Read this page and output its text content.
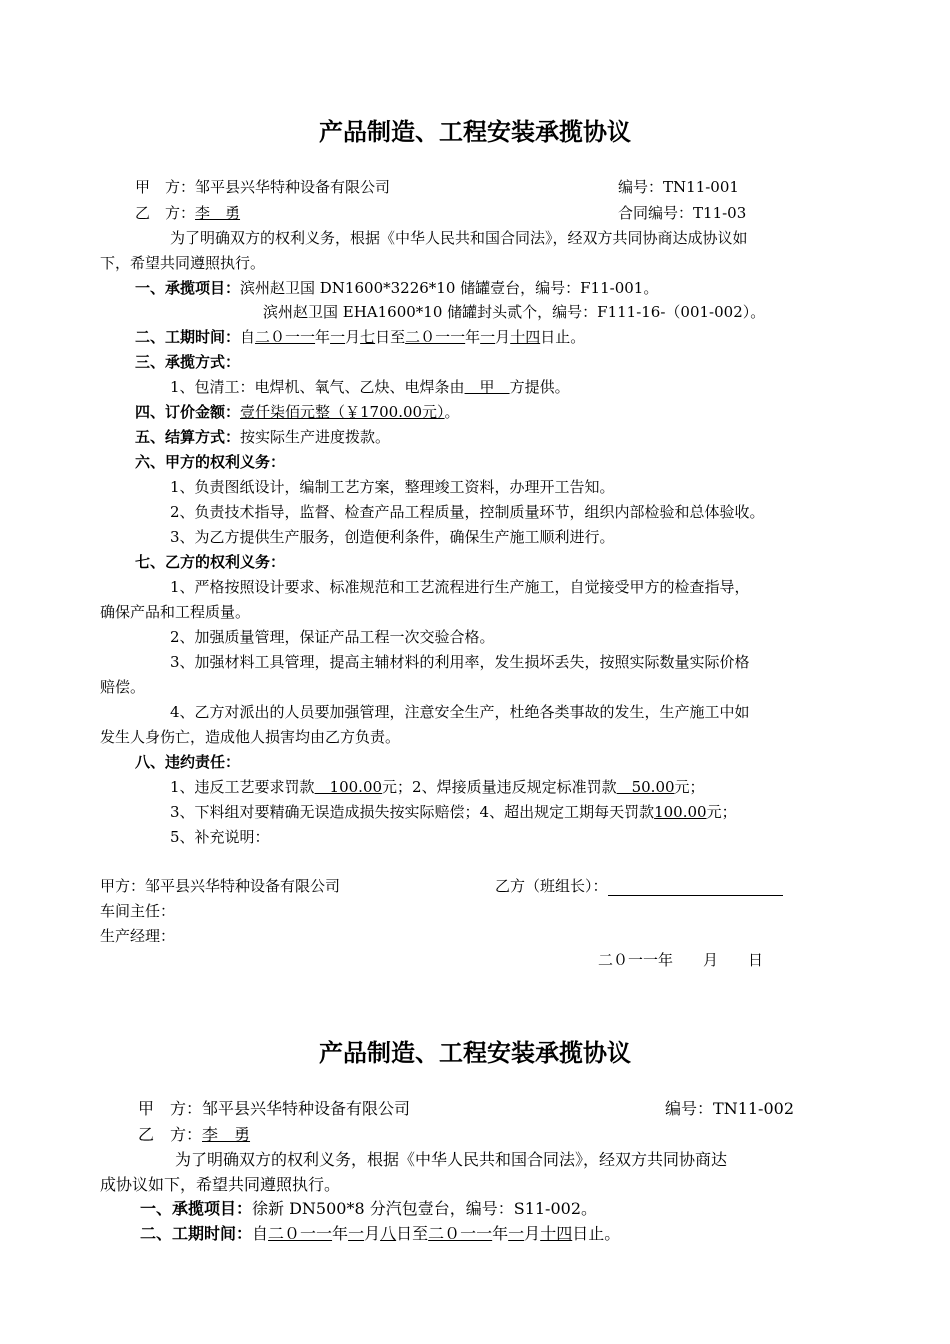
产品制造、工程安装承揽协议
甲　方：邹平县兴华特种设备有限公司	编号：TN11-001
乙　方：李　勇	合同编号：T11-03
为了明确双方的权利义务，根据《中华人民共和国合同法》，经双方共同协商达成协议如
下，希望共同遵照执行。
一、承揽项目：滨州赵卫国 DN1600*3226*10 储罐壹台，编号：F11-001。
滨州赵卫国 EHA1600*10 储罐封头贰个，编号：F111-16-（001-002）。
二、工期时间：自二０一一年一月七日至二０一一年一月十四日止。
三、承揽方式：
1、包清工：电焊机、氧气、乙炔、电焊条由　甲　方提供。
四、订价金额：壹仟柒佰元整（￥1700.00元）。
五、结算方式：按实际生产进度拨款。
六、甲方的权利义务：
1、负责图纸设计，编制工艺方案，整理竣工资料，办理开工告知。
2、负责技术指导，监督、检查产品工程质量，控制质量环节，组织内部检验和总体验收。
3、为乙方提供生产服务，创造便利条件，确保生产施工顺利进行。
七、乙方的权利义务：
1、严格按照设计要求、标准规范和工艺流程进行生产施工，自觉接受甲方的检查指导，
确保产品和工程质量。
2、加强质量管理，保证产品工程一次交验合格。
3、加强材料工具管理，提高主辅材料的利用率，发生损坏丢失，按照实际数量实际价格
赔偿。
4、乙方对派出的人员要加强管理，注意安全生产，杜绝各类事故的发生，生产施工中如
发生人身伤亡，造成他人损害均由乙方负责。
八、违约责任：
1、违反工艺要求罚款　100.00元；2、焊接质量违反规定标准罚款　50.00元；
3、下料组对要精确无误造成损失按实际赔偿；4、超出规定工期每天罚款100.00元；
5、补充说明：
甲方：邹平县兴华特种设备有限公司	乙方（班组长）：
车间主任：
生产经理：
二０一一年　　月　　日
产品制造、工程安装承揽协议
甲　方：邹平县兴华特种设备有限公司	编号：TN11-002
乙　方：李　勇
为了明确双方的权利义务，根据《中华人民共和国合同法》，经双方共同协商达
成协议如下，希望共同遵照执行。
一、承揽项目：徐新 DN500*8 分汽包壹台，编号：S11-002。
二、工期时间：自二０一一年一月八日至二０一一年一月十四日止。
